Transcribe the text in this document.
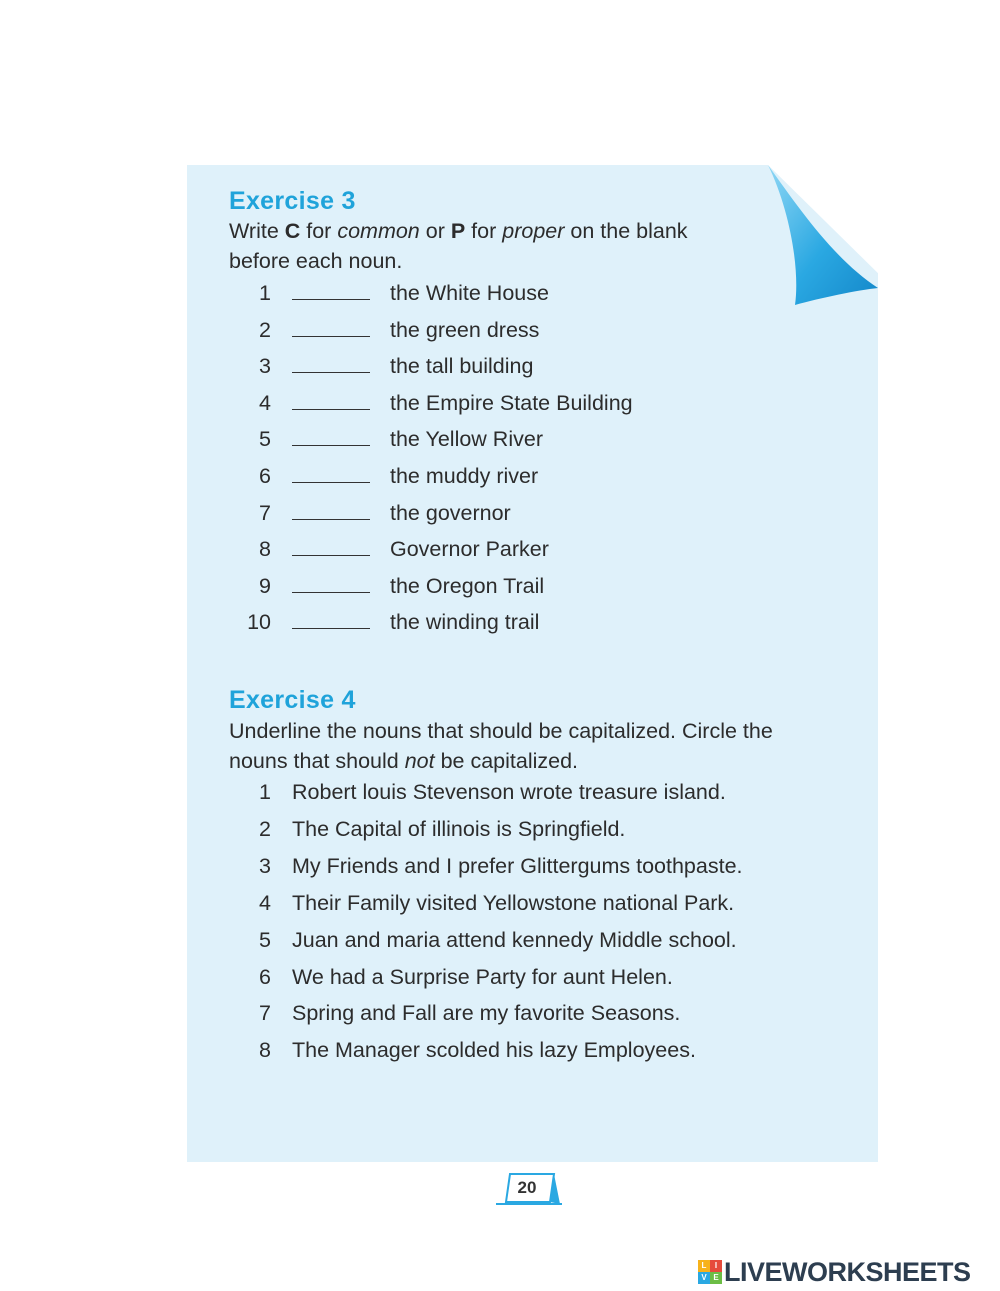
Exercise 3

Write C for common or P for proper on the blank before each noun.

1	the White House
2	the green dress
3	the tall building
4	the Empire State Building
5	the Yellow River
6	the muddy river
7	the governor
8	Governor Parker
9	the Oregon Trail
10	the winding trail
Exercise 4

Underline the nouns that should be capitalized. Circle the nouns that should not be capitalized.

1 Robert louis Stevenson wrote treasure island.
2 The Capital of illinois is Springfield.
3 My Friends and I prefer Glittergums toothpaste.
4 Their Family visited Yellowstone national Park.
5 Juan and maria attend kennedy Middle school.
6 We had a Surprise Party for aunt Helen.
7 Spring and Fall are my favorite Seasons.
8 The Manager scolded his lazy Employees.
20
L	I
V E LIVEWORKSHEETS
